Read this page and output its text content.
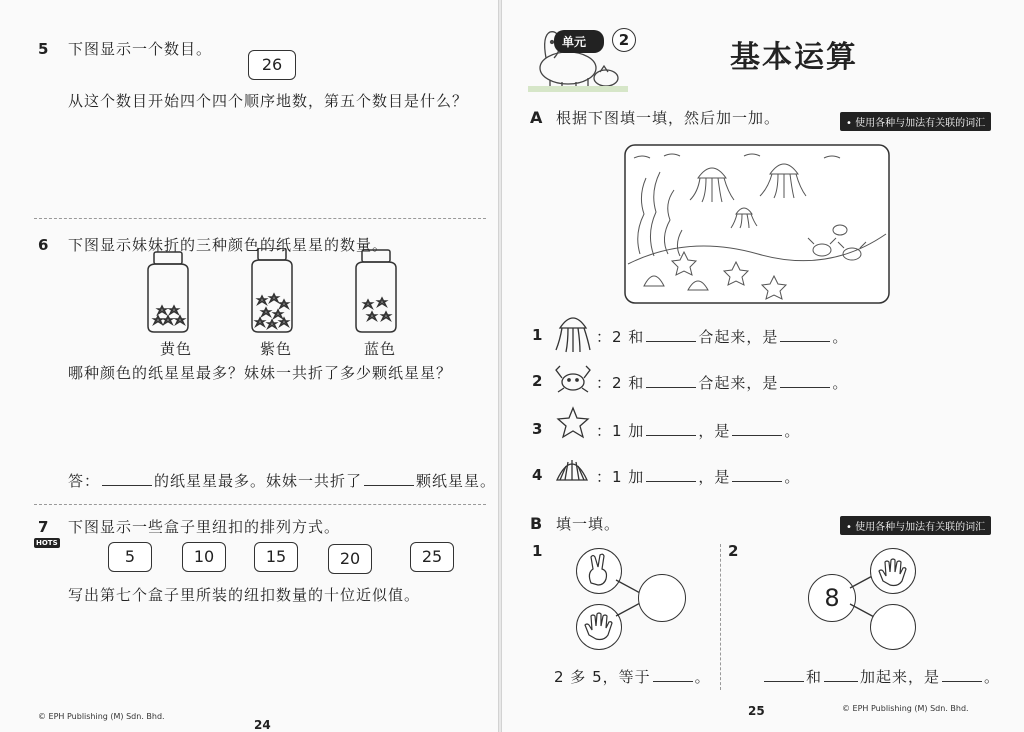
5 下图显示一个数目。
26
从这个数目开始四个四个顺序地数，第五个数目是什么？
6 下图显示妹妹折的三种颜色的纸星星的数量。
黄色	紫色	蓝色
哪种颜色的纸星星最多？妹妹一共折了多少颗纸星星？
答：	的纸星星最多。妹妹一共折了	颗纸星星。
7
HOTS
下图显示一些盒子里纽扣的排列方式。
5	10	15	20	25
写出第七个盒子里所装的纽扣数量的十位近似值。
© EPH Publishing (M) Sdn. Bhd.
24
单元	2	基本运算
A 根据下图填一填，然后加一加。	• 使用各种与加法有关联的词汇
1	：2 和	合起来，是	。
2	：2 和	合起来，是	。
3	：1 加	，是	。
4	：1 加	，是	。
B 填一填。	• 使用各种与加法有关联的词汇
1
2 多 5，等于	。
2
8
和	加起来，是	。
25	© EPH Publishing (M) Sdn. Bhd.
